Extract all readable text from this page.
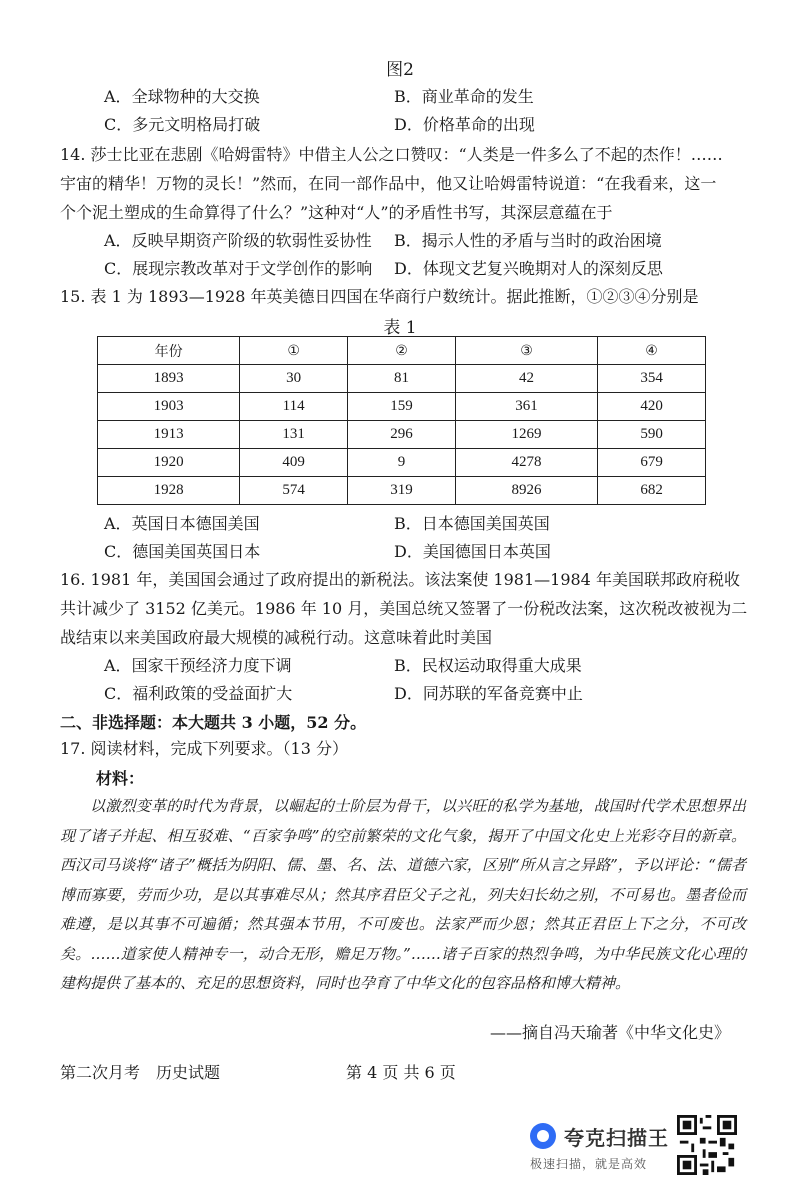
图2
A．全球物种的大交换	B．商业革命的发生
C．多元文明格局打破	D．价格革命的出现
14. 莎士比亚在悲剧《哈姆雷特》中借主人公之口赞叹：“人类是一件多么了不起的杰作！……
宇宙的精华！万物的灵长！”然而，在同一部作品中，他又让哈姆雷特说道：“在我看来，这一
个个泥土塑成的生命算得了什么？”这种对“人”的矛盾性书写，其深层意蕴在于
A．反映早期资产阶级的软弱性妥协性 B．揭示人性的矛盾与当时的政治困境
C．展现宗教改革对于文学创作的影响 D．体现文艺复兴晚期对人的深刻反思
15. 表 1 为 1893—1928 年英美德日四国在华商行户数统计。据此推断，①②③④分别是
表 1
年份	①	②	③	④
1893	30	81	42	354
1903	114	159	361	420
1913	131	296	1269	590
1920	409	9	4278	679
1928	574	319	8926	682
A．英国日本德国美国	B．日本德国美国英国
C．德国美国英国日本	D．美国德国日本英国
16. 1981 年，美国国会通过了政府提出的新税法。该法案使 1981—1984 年美国联邦政府税收
共计减少了 3152 亿美元。1986 年 10 月，美国总统又签署了一份税改法案，这次税改被视为二
战结束以来美国政府最大规模的减税行动。这意味着此时美国
A．国家干预经济力度下调	B．民权运动取得重大成果
C．福利政策的受益面扩大	D．同苏联的军备竞赛中止
二、非选择题：本大题共 3 小题，52 分。
17. 阅读材料，完成下列要求。（13 分）
材料：
以激烈变革的时代为背景，以崛起的士阶层为骨干，以兴旺的私学为基地，战国时代学术思想界出现了诸子并起、相互驳难、“百家争鸣”的空前繁荣的文化气象，揭开了中国文化史上光彩夺目的新章。西汉司马谈将“诸子”概括为阴阳、儒、墨、名、法、道德六家，区别“所从言之异路”，予以评论：“儒者博而寡要，劳而少功，是以其事难尽从；然其序君臣父子之礼，列夫妇长幼之别，不可易也。墨者俭而难遵，是以其事不可遍循；然其强本节用，不可废也。法家严而少恩；然其正君臣上下之分，不可改矣。……道家使人精神专一，动合无形，赡足万物。”……诸子百家的热烈争鸣，为中华民族文化心理的建构提供了基本的、充足的思想资料，同时也孕育了中华文化的包容品格和博大精神。
——摘自冯天瑜著《中华文化史》
第二次月考　历史试题	第 4 页 共 6 页
夸克扫描王
极速扫描，就是高效
